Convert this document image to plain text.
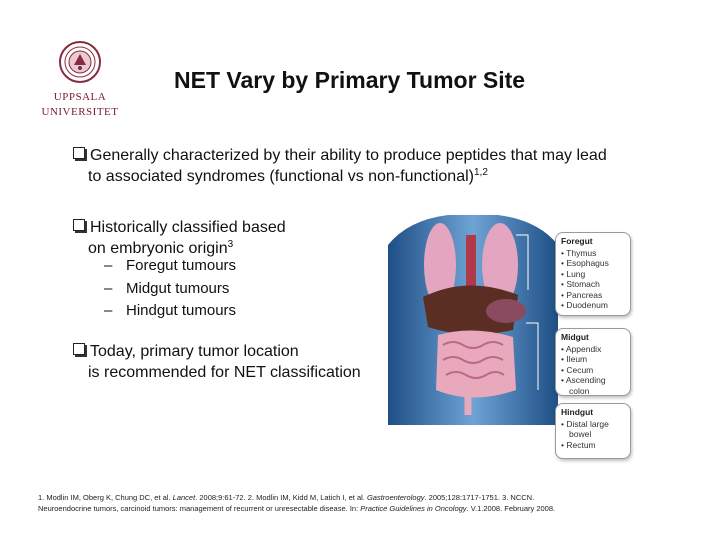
UPPSALA
UNIVERSITET
NET Vary by Primary Tumor Site
Generally characterized by their ability to produce peptides that may lead
to associated syndromes (functional vs non-functional)$^{1,2}$
Historically classified based
on embryonic origin$^3$
– Foregut tumours
– Midgut tumours
– Hindgut tumours
Today, primary tumor location
is recommended for NET classification
Foregut
• Thymus
• Esophagus
• Lung
• Stomach
• Pancreas
• Duodenum
Midgut
• Appendix
• Ileum
• Cecum
• Ascending
colon
Hindgut
• Distal large
bowel
• Rectum
1. Modlin IM, Oberg K, Chung DC, et al. Lancet. 2008;9:61-72. 2. Modlin IM, Kidd M, Latich I, et al. Gastroenterology. 2005;128:1717-1751. 3. NCCN.
Neuroendocrine tumors, carcinoid tumors: management of recurrent or unresectable disease. In: Practice Guidelines in Oncology. V.1.2008. February 2008.
